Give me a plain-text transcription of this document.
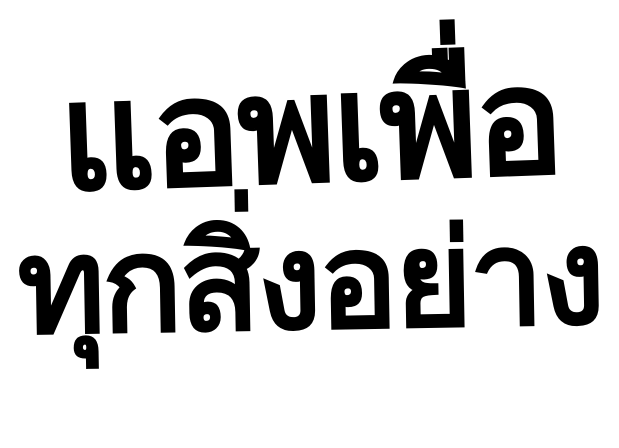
แอพเพื่อ
ทุกสิ่งอย่าง
